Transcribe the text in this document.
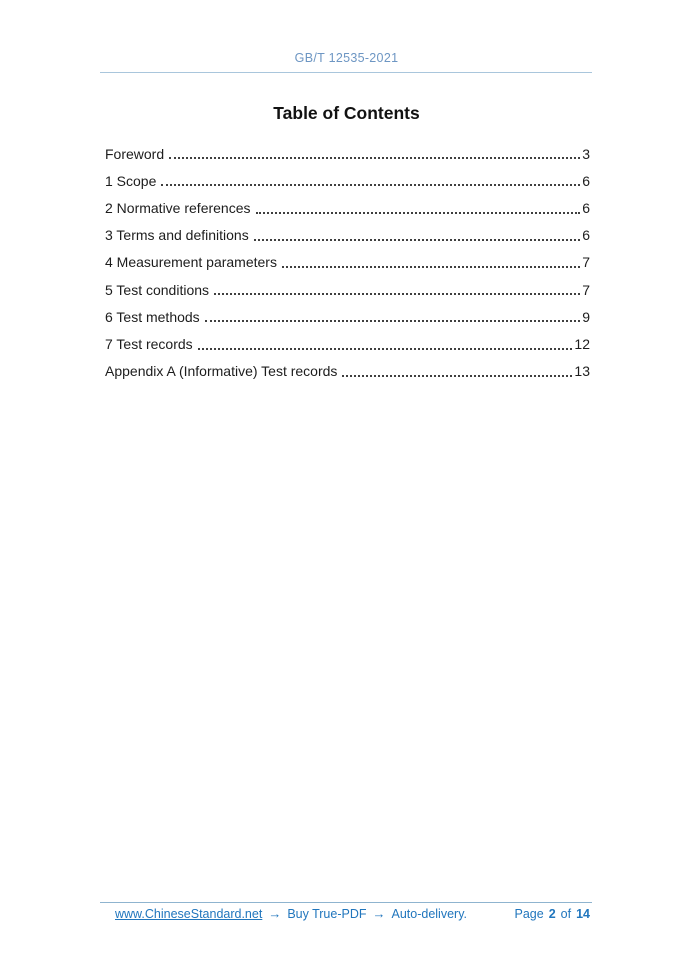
GB/T 12535-2021
Table of Contents
Foreword	3
1 Scope	6
2 Normative references	6
3 Terms and definitions	6
4 Measurement parameters	7
5 Test conditions	7
6 Test methods	9
7 Test records	12
Appendix A (Informative) Test records	13
www.ChineseStandard.net → Buy True-PDF → Auto-delivery.	Page 2 of 14
